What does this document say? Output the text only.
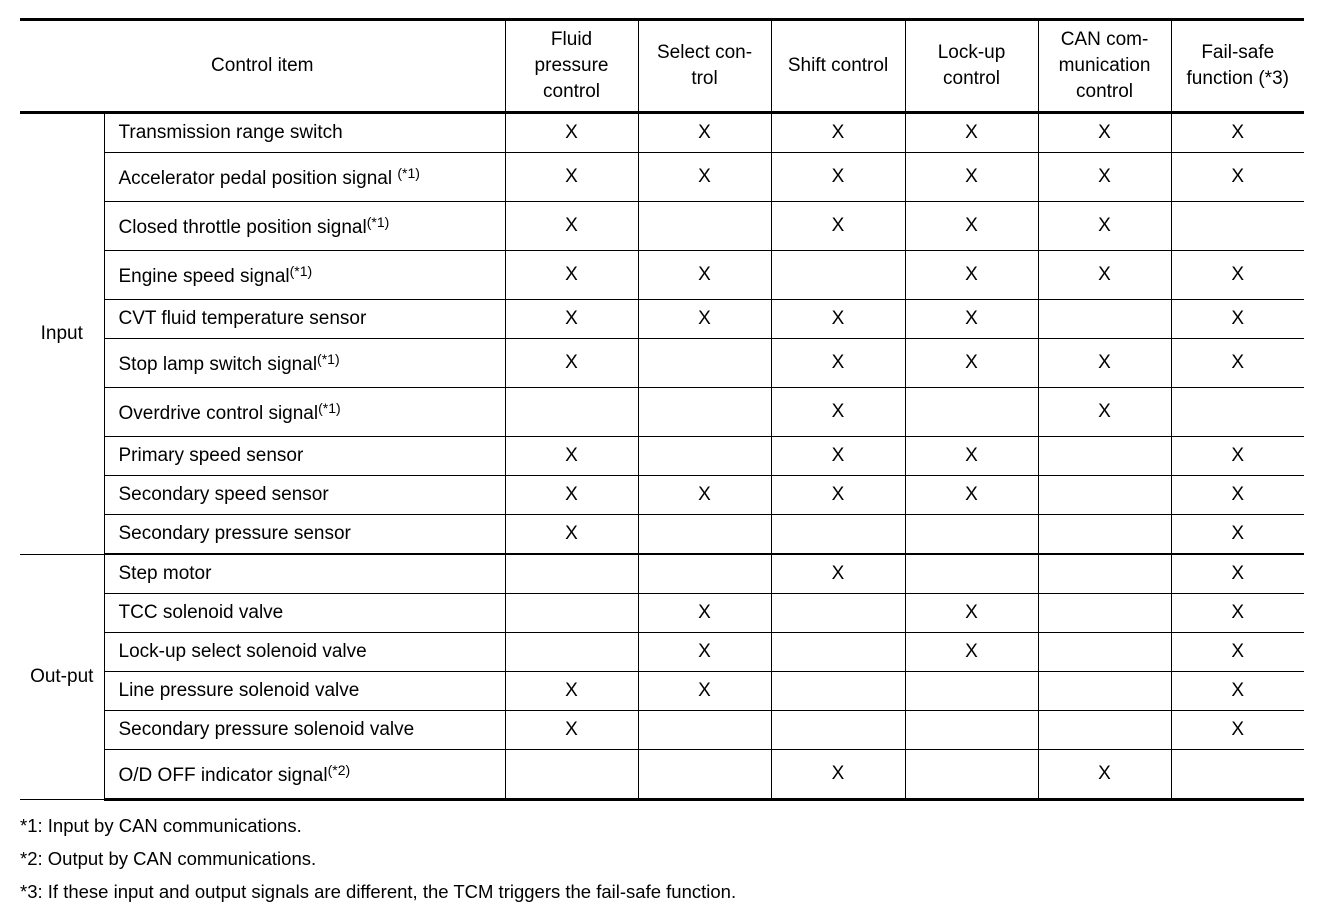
Control item		Fluid pressure control	Select con-trol	Shift control	Lock-up control	CAN com-munication control	Fail-safe function (*3)
Input	Transmission range switch	X	X	X	X	X	X
	Accelerator pedal position signal $^{(*1)}$	X	X	X	X	X	X
	Closed throttle position signal$^{(*1)}$	X		X	X	X	
	Engine speed signal$^{(*1)}$	X	X		X	X	X
	CVT fluid temperature sensor	X	X	X	X		X
	Stop lamp switch signal$^{(*1)}$	X		X	X	X	X
	Overdrive control signal$^{(*1)}$			X		X	
	Primary speed sensor	X		X	X		X
	Secondary speed sensor	X	X	X	X		X
	Secondary pressure sensor	X					X
Out-put	Step motor			X			X
	TCC solenoid valve		X		X		X
	Lock-up select solenoid valve		X		X		X
	Line pressure solenoid valve	X	X				X
	Secondary pressure solenoid valve	X					X
	O/D OFF indicator signal$^{(*2)}$			X		X	
*1: Input by CAN communications.
*2: Output by CAN communications.
*3: If these input and output signals are different, the TCM triggers the fail-safe function.
